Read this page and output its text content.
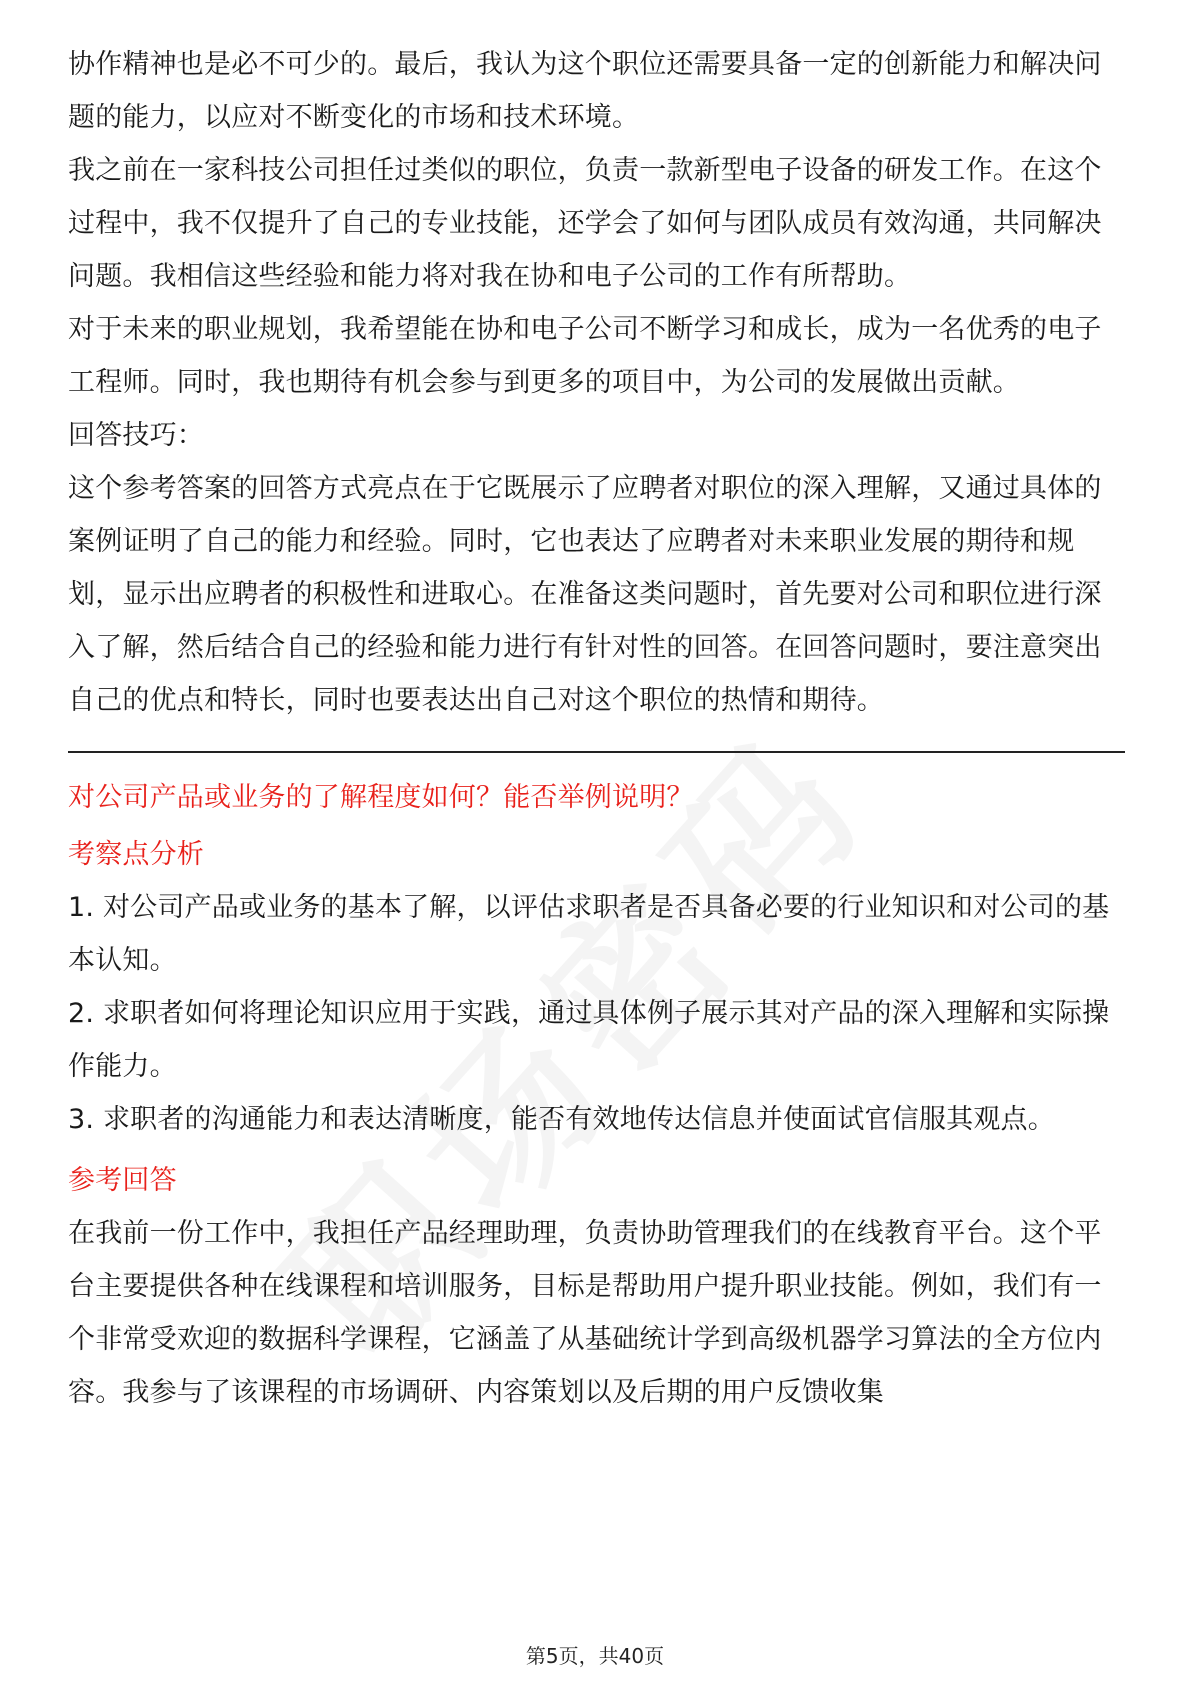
协作精神也是必不可少的。最后，我认为这个职位还需要具备一定的创新能力和解决问题的能力，以应对不断变化的市场和技术环境。

我之前在一家科技公司担任过类似的职位，负责一款新型电子设备的研发工作。在这个过程中，我不仅提升了自己的专业技能，还学会了如何与团队成员有效沟通，共同解决问题。我相信这些经验和能力将对我在协和电子公司的工作有所帮助。

对于未来的职业规划，我希望能在协和电子公司不断学习和成长，成为一名优秀的电子工程师。同时，我也期待有机会参与到更多的项目中，为公司的发展做出贡献。

回答技巧：

这个参考答案的回答方式亮点在于它既展示了应聘者对职位的深入理解，又通过具体的案例证明了自己的能力和经验。同时，它也表达了应聘者对未来职业发展的期待和规划，显示出应聘者的积极性和进取心。在准备这类问题时，首先要对公司和职位进行深入了解，然后结合自己的经验和能力进行有针对性的回答。在回答问题时，要注意突出自己的优点和特长，同时也要表达出自己对这个职位的热情和期待。

对公司产品或业务的了解程度如何？能否举例说明？

考察点分析

1. 对公司产品或业务的基本了解，以评估求职者是否具备必要的行业知识和对公司的基本认知。

2. 求职者如何将理论知识应用于实践，通过具体例子展示其对产品的深入理解和实际操作能力。

3. 求职者的沟通能力和表达清晰度，能否有效地传达信息并使面试官信服其观点。

参考回答

在我前一份工作中，我担任产品经理助理，负责协助管理我们的在线教育平台。这个平台主要提供各种在线课程和培训服务，目标是帮助用户提升职业技能。例如，我们有一个非常受欢迎的数据科学课程，它涵盖了从基础统计学到高级机器学习算法的全方位内容。我参与了该课程的市场调研、内容策划以及后期的用户反馈收集

第5页，共40页
